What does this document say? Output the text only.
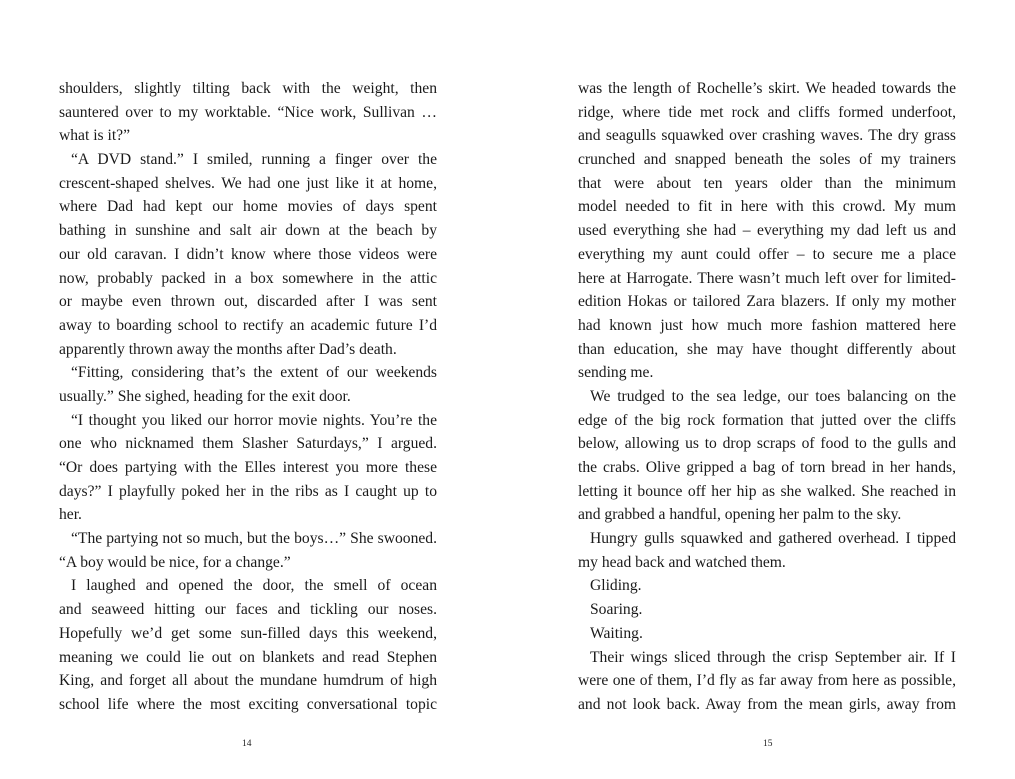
shoulders, slightly tilting back with the weight, then
sauntered over to my worktable. “Nice work, Sullivan …
what is it?”
“A DVD stand.” I smiled, running a finger over the
crescent-shaped shelves. We had one just like it at home,
where Dad had kept our home movies of days spent
bathing in sunshine and salt air down at the beach by
our old caravan. I didn’t know where those videos were
now, probably packed in a box somewhere in the attic
or maybe even thrown out, discarded after I was sent
away to boarding school to rectify an academic future I’d
apparently thrown away the months after Dad’s death.
“Fitting, considering that’s the extent of our weekends
usually.” She sighed, heading for the exit door.
“I thought you liked our horror movie nights. You’re the
one who nicknamed them Slasher Saturdays,” I argued.
“Or does partying with the Elles interest you more these
days?” I playfully poked her in the ribs as I caught up to
her.
“The partying not so much, but the boys…” She swooned.
“A boy would be nice, for a change.”
I laughed and opened the door, the smell of ocean
and seaweed hitting our faces and tickling our noses.
Hopefully we’d get some sun-filled days this weekend,
meaning we could lie out on blankets and read Stephen
King, and forget all about the mundane humdrum of high
school life where the most exciting conversational topic
was the length of Rochelle’s skirt. We headed towards the
ridge, where tide met rock and cliffs formed underfoot,
and seagulls squawked over crashing waves. The dry grass
crunched and snapped beneath the soles of my trainers
that were about ten years older than the minimum
model needed to fit in here with this crowd. My mum
used everything she had – everything my dad left us and
everything my aunt could offer – to secure me a place
here at Harrogate. There wasn’t much left over for limited-
edition Hokas or tailored Zara blazers. If only my mother
had known just how much more fashion mattered here
than education, she may have thought differently about
sending me.
We trudged to the sea ledge, our toes balancing on the
edge of the big rock formation that jutted over the cliffs
below, allowing us to drop scraps of food to the gulls and
the crabs. Olive gripped a bag of torn bread in her hands,
letting it bounce off her hip as she walked. She reached in
and grabbed a handful, opening her palm to the sky.
Hungry gulls squawked and gathered overhead. I tipped
my head back and watched them.
Gliding.
Soaring.
Waiting.
Their wings sliced through the crisp September air. If I
were one of them, I’d fly as far away from here as possible,
and not look back. Away from the mean girls, away from
14	15
